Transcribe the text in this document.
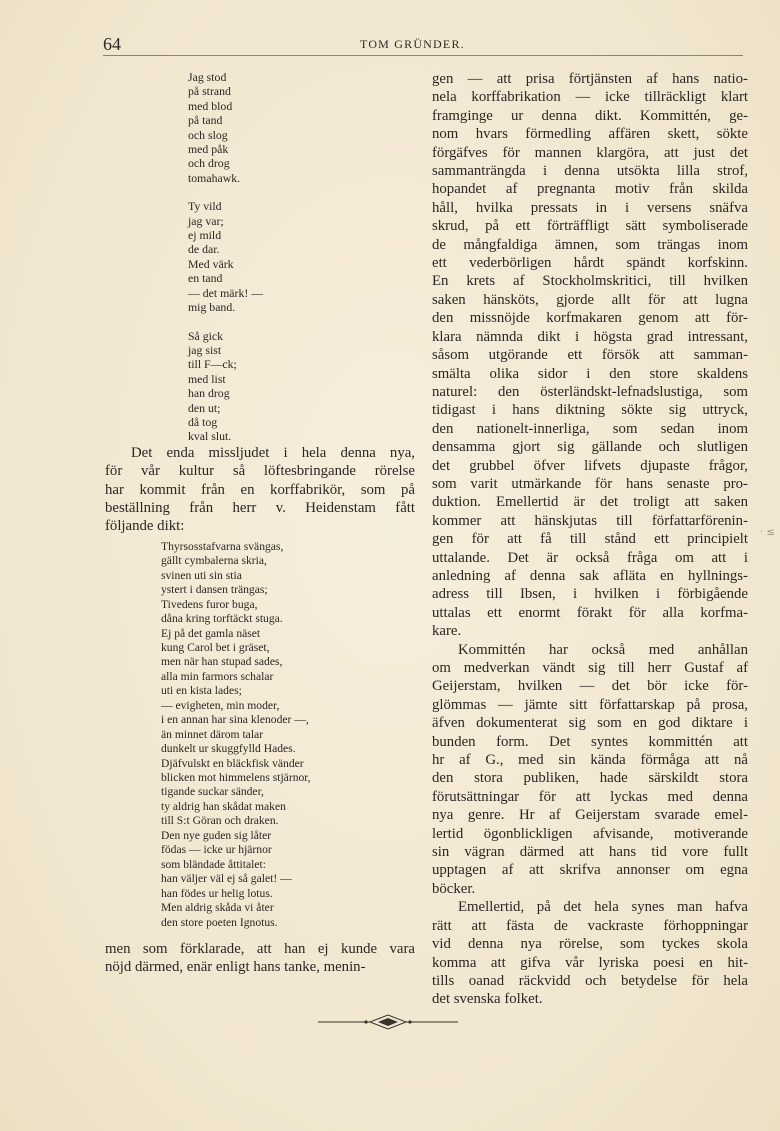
64	TOM GRÜNDER.
Jag stod
på strand
med blod
på tand
och slog
med påk
och drog
tomahawk.
Ty vild
jag var;
ej mild
de dar.
Med värk
en tand
— det märk! —
mig band.
Så gick
jag sist
till F—ck;
med list
han drog
den ut;
då tog
kval slut.
Det enda missljudet i hela denna nya,
för vår kultur så löftesbringande rörelse
har kommit från en korffabrikör, som på
beställning från herr v. Heidenstam fått
följande dikt:
Thyrsosstafvarna svängas,
gällt cymbalerna skria,
svinen uti sin stia
ystert i dansen trängas;
Tivedens furor buga,
dåna kring torftäckt stuga.
Ej på det gamla näset
kung Carol bet i gräset,
men när han stupad sades,
alla min farmors schalar
uti en kista lades;
— evigheten, min moder,
i en annan har sina klenoder —,
än minnet därom talar
dunkelt ur skuggfylld Hades.
Djäfvulskt en bläckfisk vänder
blicken mot himmelens stjärnor,
tigande suckar sänder,
ty aldrig han skådat maken
till S:t Göran och draken.
Den nye guden sig låter
födas — icke ur hjärnor
som bländade åttitalet:
han väljer väl ej så galet! —
han födes ur helig lotus.
Men aldrig skåda vi åter
den store poeten Ignotus.
men som förklarade, att han ej kunde vara
nöjd därmed, enär enligt hans tanke, menin-
gen — att prisa förtjänsten af hans natio-
nela korffabrikation — icke tillräckligt klart
framginge ur denna dikt. Kommittén, ge-
nom hvars förmedling affären skett, sökte
förgäfves för mannen klargöra, att just det
sammanträngda i denna utsökta lilla strof,
hopandet af pregnanta motiv från skilda
håll, hvilka pressats in i versens snäfva
skrud, på ett förträffligt sätt symboliserade
de mångfaldiga ämnen, som trängas inom
ett vederbörligen hårdt spändt korfskinn.
En krets af Stockholmskritici, till hvilken
saken hänsköts, gjorde allt för att lugna
den missnöjde korfmakaren genom att för-
klara nämnda dikt i högsta grad intressant,
såsom utgörande ett försök att samman-
smälta olika sidor i den store skaldens
naturel: den österländskt-lefnadslustiga, som
tidigast i hans diktning sökte sig uttryck,
den nationelt-innerliga, som sedan inom
densamma gjort sig gällande och slutligen
det grubbel öfver lifvets djupaste frågor,
som varit utmärkande för hans senaste pro-
duktion. Emellertid är det troligt att saken
kommer att hänskjutas till författarförenin-
gen för att få till stånd ett principielt
uttalande. Det är också fråga om att i
anledning af denna sak afläta en hyllnings-
adress till Ibsen, i hvilken i förbigående
uttalas ett enormt förakt för alla korfma-
kare.
Kommittén har också med anhållan
om medverkan vändt sig till herr Gustaf af
Geijerstam, hvilken — det bör icke för-
glömmas — jämte sitt författarskap på prosa,
äfven dokumenterat sig som en god diktare i
bunden form. Det syntes kommittén att
hr af G., med sin kända förmåga att nå
den stora publiken, hade särskildt stora
förutsättningar för att lyckas med denna
nya genre. Hr af Geijerstam svarade emel-
lertid ögonblickligen afvisande, motiverande
sin vägran därmed att hans tid vore fullt
upptagen af att skrifva annonser om egna
böcker.
Emellertid, på det hela synes man hafva
rätt att fästa de vackraste förhoppningar
vid denna nya rörelse, som tyckes skola
komma att gifva vår lyriska poesi en hit-
tills oanad räckvidd och betydelse för hela
det svenska folket.
· ≤
